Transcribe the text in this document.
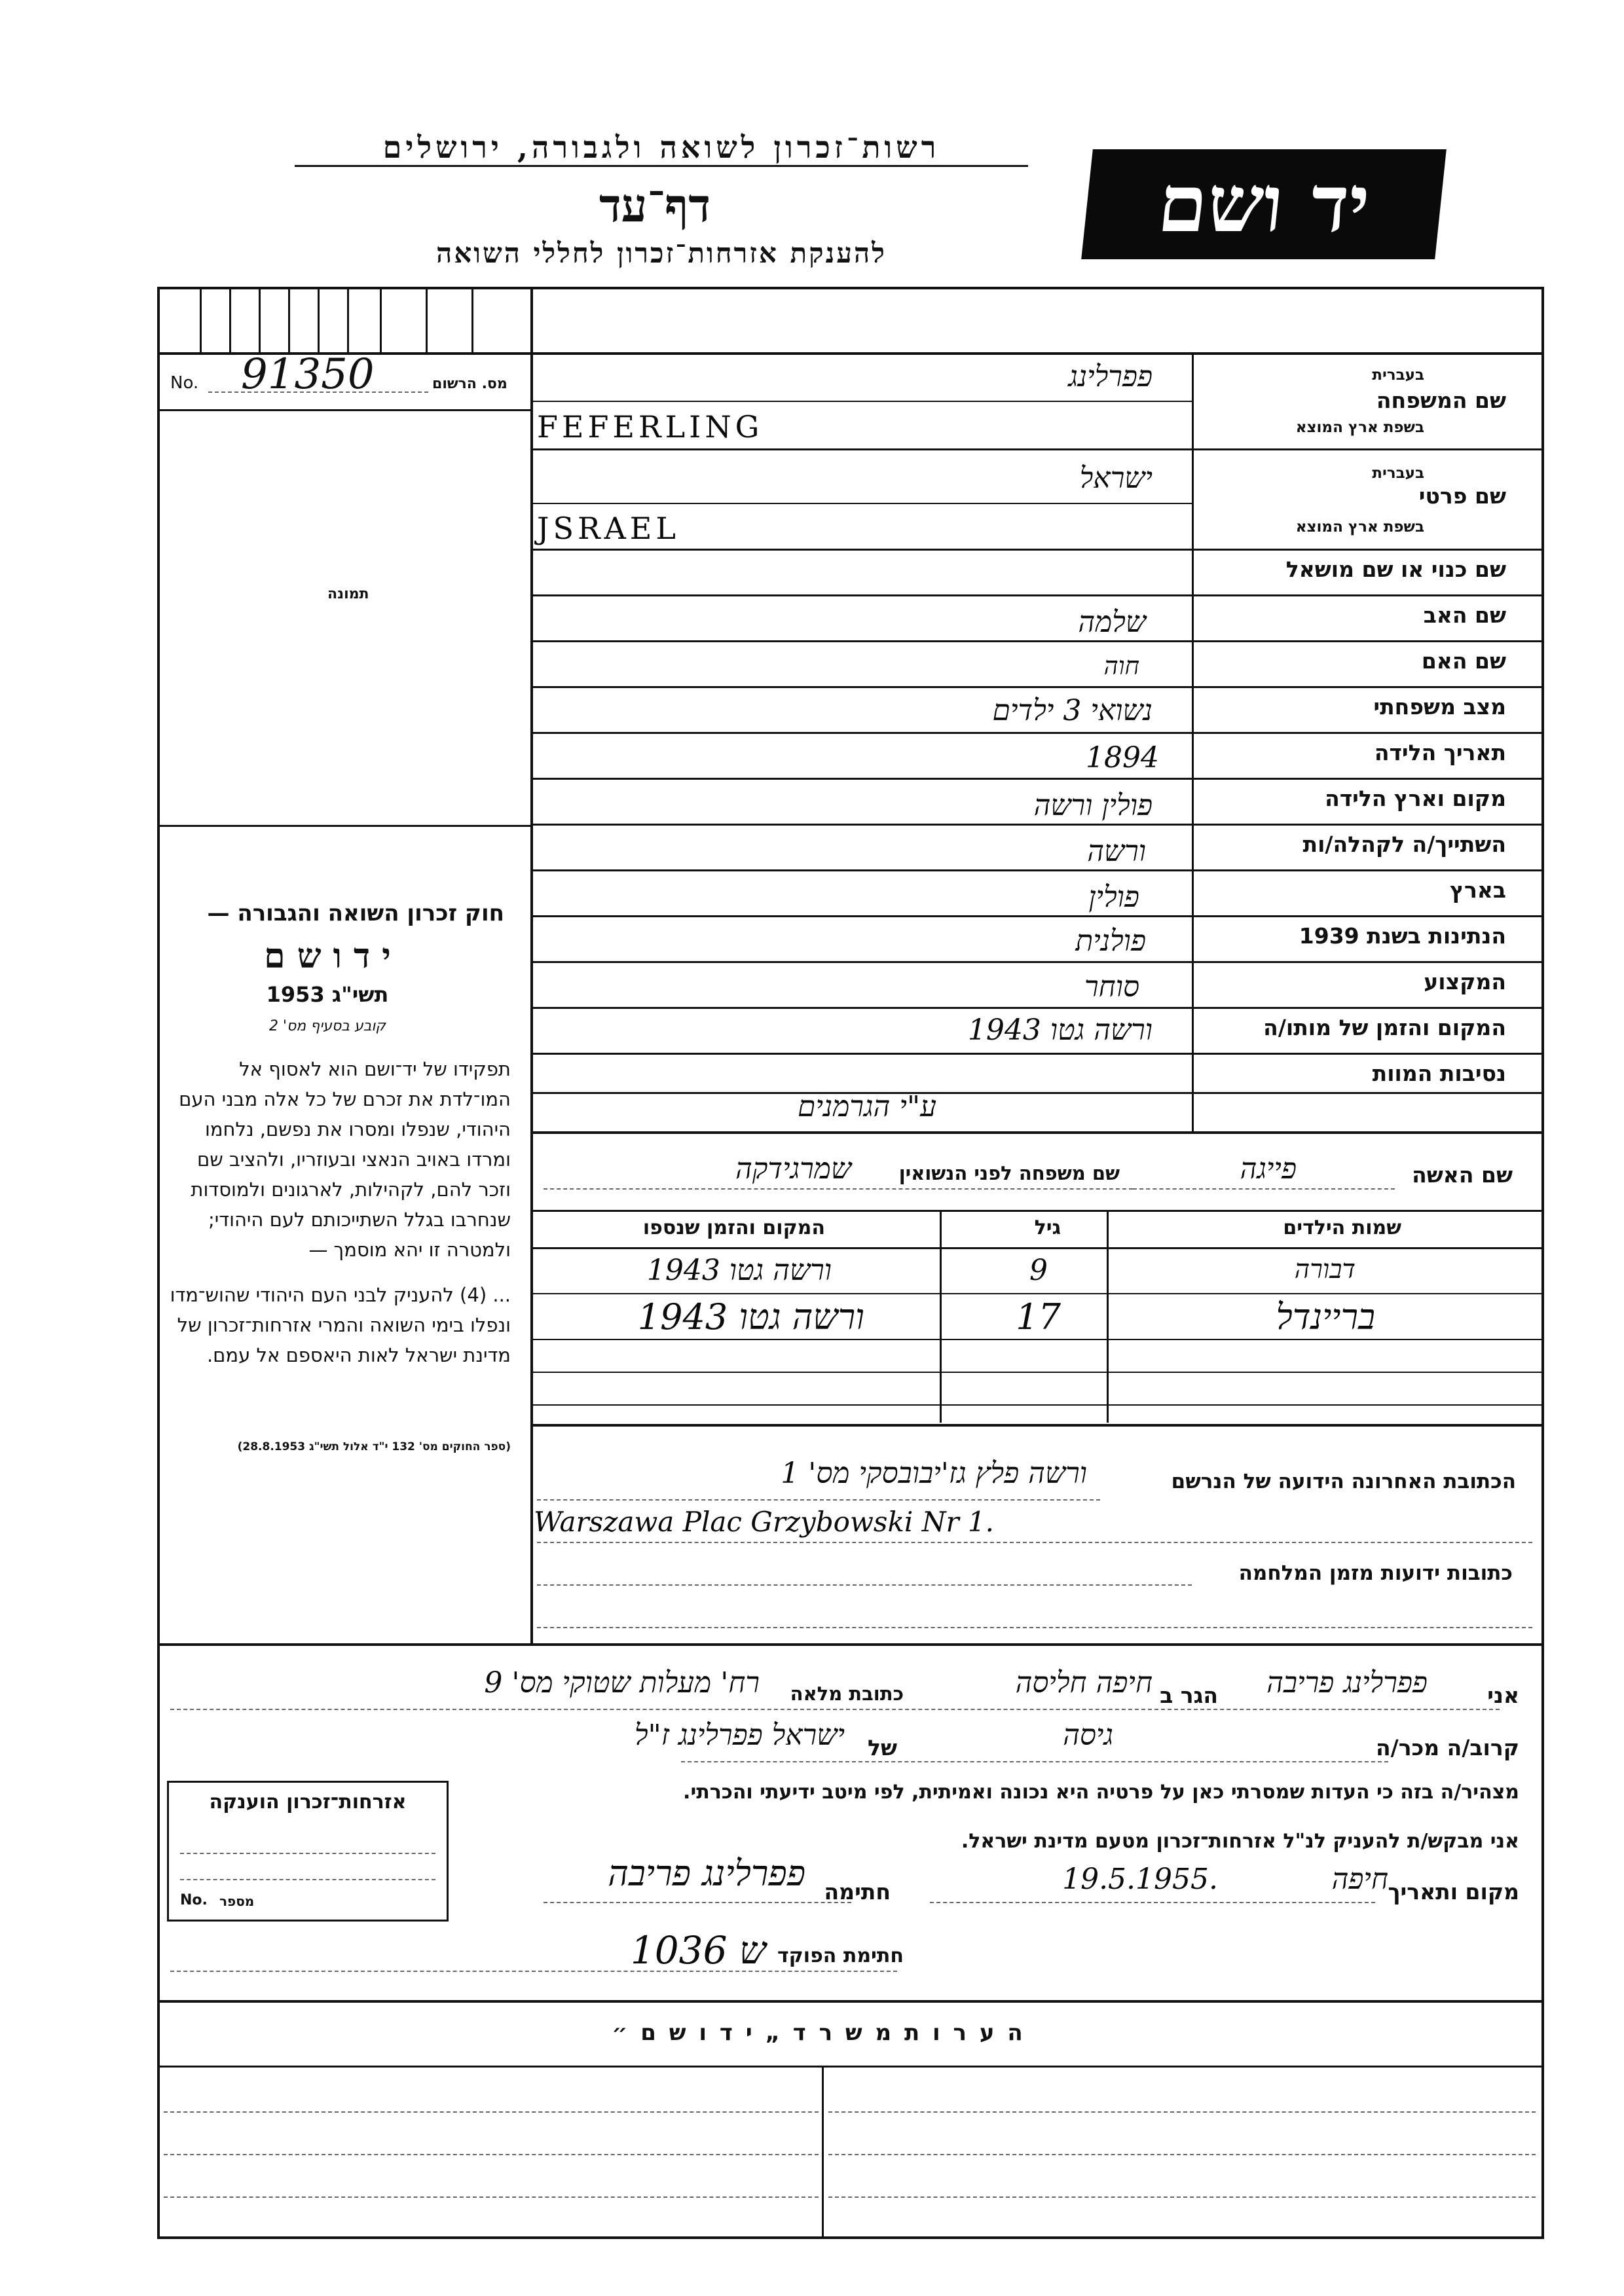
רשות־זכרון לשואה ולגבורה, ירושלים
דף־עד
להענקת אזרחות־זכרון לחללי השואה
יד ושם
No. 91350	מס. הרשום
תמונה
חוק זכרון השואה והגבורה —
י ד ו ש ם
תשי"ג 1953
קובע בסעיף מס' 2
תפקידו של יד־ושם הוא לאסוף אל המו־לדת את זכרם של כל אלה מבני העם היהודי, שנפלו ומסרו את נפשם, נלחמו ומרדו באויב הנאצי ובעוזריו, ולהציב שם וזכר להם, לקהילות, לארגונים ולמוסדות שנחרבו בגלל השתייכותם לעם היהודי; ולמטרה זו יהא מוסמך —
... (4) להעניק לבני העם היהודי שהוש־מדו ונפלו בימי השואה והמרי אזרחות־זכרון של מדינת ישראל לאות היאספם אל עמם.
(ספר החוקים מס' 132 י"ד אלול תשי"ג 28.8.1953)
שם המשפחה
בעברית
בשפת ארץ המוצא
שם פרטי
בעברית
בשפת ארץ המוצא
שם כנוי או שם מושאל
שם האב
שם האם
מצב משפחתי
תאריך הלידה
מקום וארץ הלידה
השתייך/ה לקהלה/ות
בארץ
הנתינות בשנת 1939
המקצוע
המקום והזמן של מותו/ה
נסיבות המוות
פפרלינג
FEFERLING
ישראל
JSRAEL
שלמה
חוה
נשואי 3 ילדים
1894
פולין ורשה
ורשה
פולין
פולנית
סוחר
ורשה גטו 1943
ע"י הגרמנים
שם האשה
פייגה
שם משפחה לפני הנשואין
שמרגידקה
שמות הילדים
גיל
המקום והזמן שנספו
דבורה
9
ורשה גטו 1943
בריינדל
17
ורשה גטו 1943
הכתובת האחרונה הידועה של הנרשם
ורשה פלץ גז'יבובסקי מס' 1
Warszawa Plac Grzybowski Nr 1.
כתובות ידועות מזמן המלחמה
אני
פפרלינג פריבה
הגר ב
חיפה חליסה
כתובת מלאה
רח' מעלות שטוקי מס' 9
קרוב/ה מכר/ה
גיסה
של
ישראל פפרלינג ז"ל
מצהיר/ה בזה כי העדות שמסרתי כאן על פרטיה היא נכונה ואמיתית, לפי מיטב ידיעתי והכרתי.
אני מבקש/ת להעניק לנ"ל אזרחות־זכרון מטעם מדינת ישראל.
מקום ותאריך
חיפה
19.5.1955.
חתימה
פפרלינג פריבה
חתימת הפוקד
1036 ש
אזרחות־זכרון הוענקה
No. מספר
ה ע ר ו ת מ ש ר ד „ י ד ו ש ם ״
